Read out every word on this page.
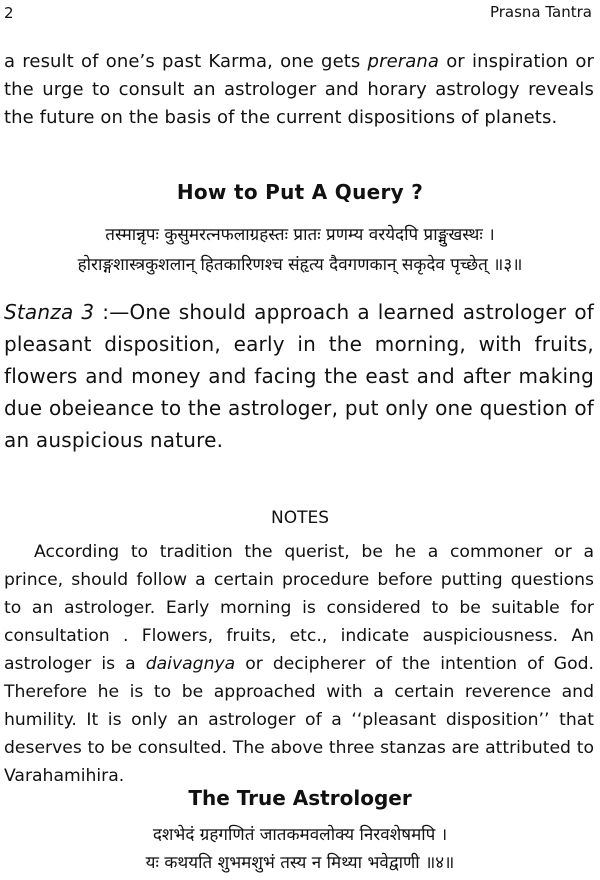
2	Prasna Tantra

a result of one’s past Karma, one gets prerana or inspiration or the urge to consult an astrologer and horary astrology reveals the future on the basis of the current dispositions of planets.

How to Put A Query ?
तस्मान्नृपः कुसुमरत्नफलाग्रहस्तः प्रातः प्रणम्य वरयेदपि प्राङ्मुखस्थः ।
होराङ्गशास्त्रकुशलान् हितकारिणश्च संहृत्य दैवगणकान् सकृदेव पृच्छेत् ॥३॥

Stanza 3 :—One should approach a learned astrologer of pleasant disposition, early in the morning, with fruits, flowers and money and facing the east and after making due obeieance to the astrologer, put only one question of an auspicious nature.

NOTES

According to tradition the querist, be he a commoner or a prince, should follow a certain procedure before putting questions to an astrologer. Early morning is considered to be suitable for consultation . Flowers, fruits, etc., indicate auspiciousness. An astrologer is a daivagnya or decipherer of the intention of God. Therefore he is to be approached with a certain reverence and humility. It is only an astrologer of a ‘‘pleasant disposition’’ that deserves to be consulted. The above three stanzas are attributed to Varahamihira.

The True Astrologer
दशभेदं ग्रहगणितं जातकमवलोक्य निरवशेषमपि ।
यः कथयति शुभमशुभं तस्य न मिथ्या भवेद्वाणी ॥४॥
